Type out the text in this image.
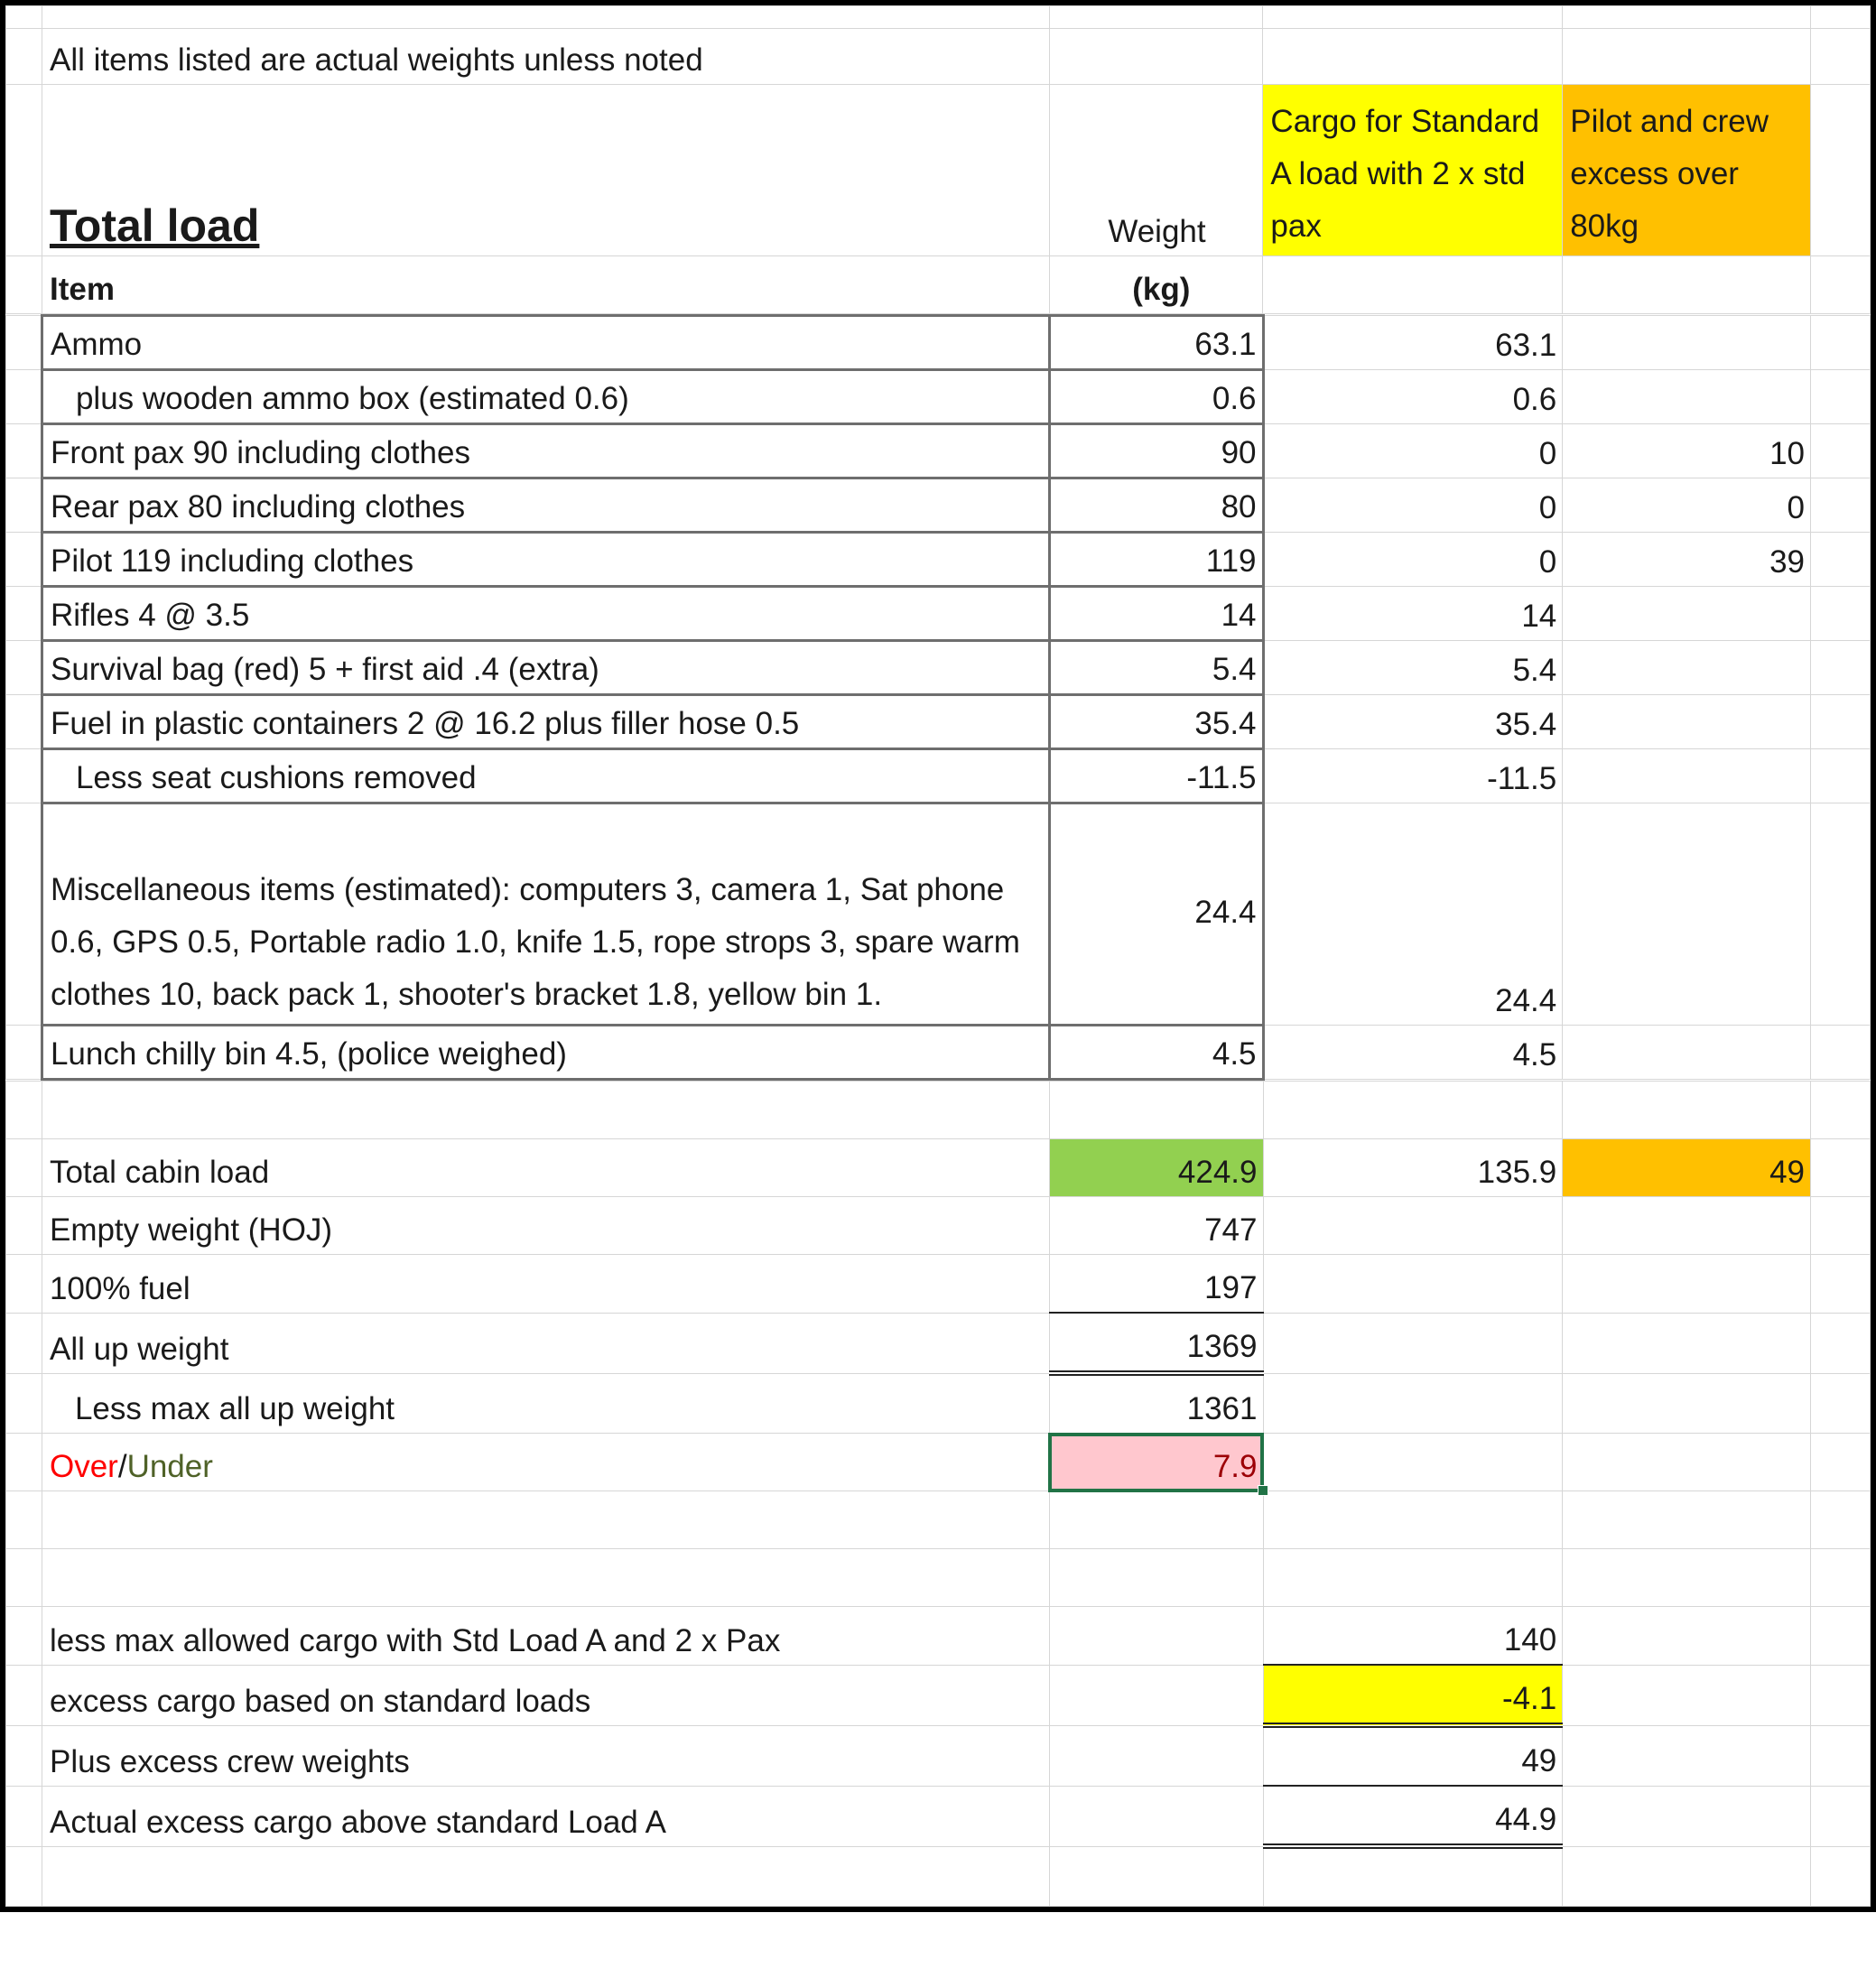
	All items listed are actual weights unless noted				
	Total load	Weight	Cargo for Standard A load with 2 x std pax	Pilot and crew excess over 80kg	
	Item	(kg)			
	Ammo	63.1	63.1		
	plus wooden ammo box (estimated 0.6)	0.6	0.6		
	Front pax 90 including clothes	90	0	10	
	Rear pax 80 including clothes	80	0	0	
	Pilot 119 including clothes	119	0	39	
	Rifles 4 @ 3.5	14	14		
	Survival bag (red) 5 + first aid .4 (extra)	5.4	5.4		
	Fuel in plastic containers 2 @ 16.2 plus filler hose 0.5	35.4	35.4		
	Less seat cushions removed	-11.5	-11.5		
	Miscellaneous items (estimated): computers 3, camera 1, Sat phone 0.6, GPS 0.5, Portable radio 1.0, knife 1.5, rope strops 3, spare warm clothes 10, back pack 1, shooter's bracket 1.8, yellow bin 1.	24.4	24.4		
	Lunch chilly bin 4.5, (police weighed)	4.5	4.5		

	Total cabin load	424.9	135.9	49	
	Empty weight (HOJ)	747			
	100% fuel	197			
	All up weight	1369			
	Less max all up weight	1361			
	Over/Under	7.9

	less max allowed cargo with Std Load A and 2 x Pax		140		
	excess cargo based on standard loads		-4.1		
	Plus excess crew weights		49		
	Actual excess cargo above standard Load A		44.9		
